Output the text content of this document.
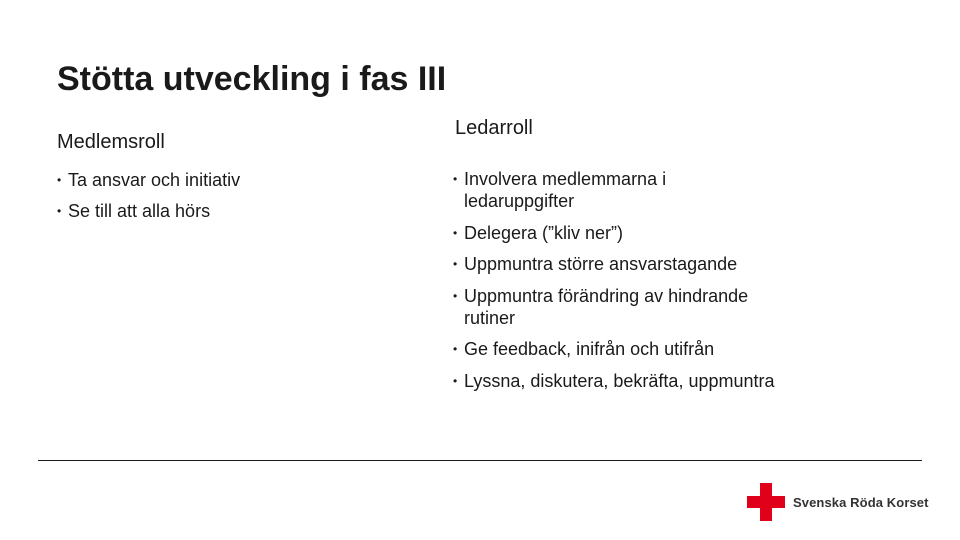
Stötta utveckling i fas III
Medlemsroll
• Ta ansvar och initiativ
• Se till att alla hörs
Ledarroll
• Involvera medlemmarna i ledaruppgifter
• Delegera (”kliv ner”)
• Uppmuntra större ansvarstagande
• Uppmuntra förändring av hindrande rutiner
• Ge feedback, inifrån och utifrån
• Lyssna, diskutera, bekräfta, uppmuntra
Svenska Röda Korset
